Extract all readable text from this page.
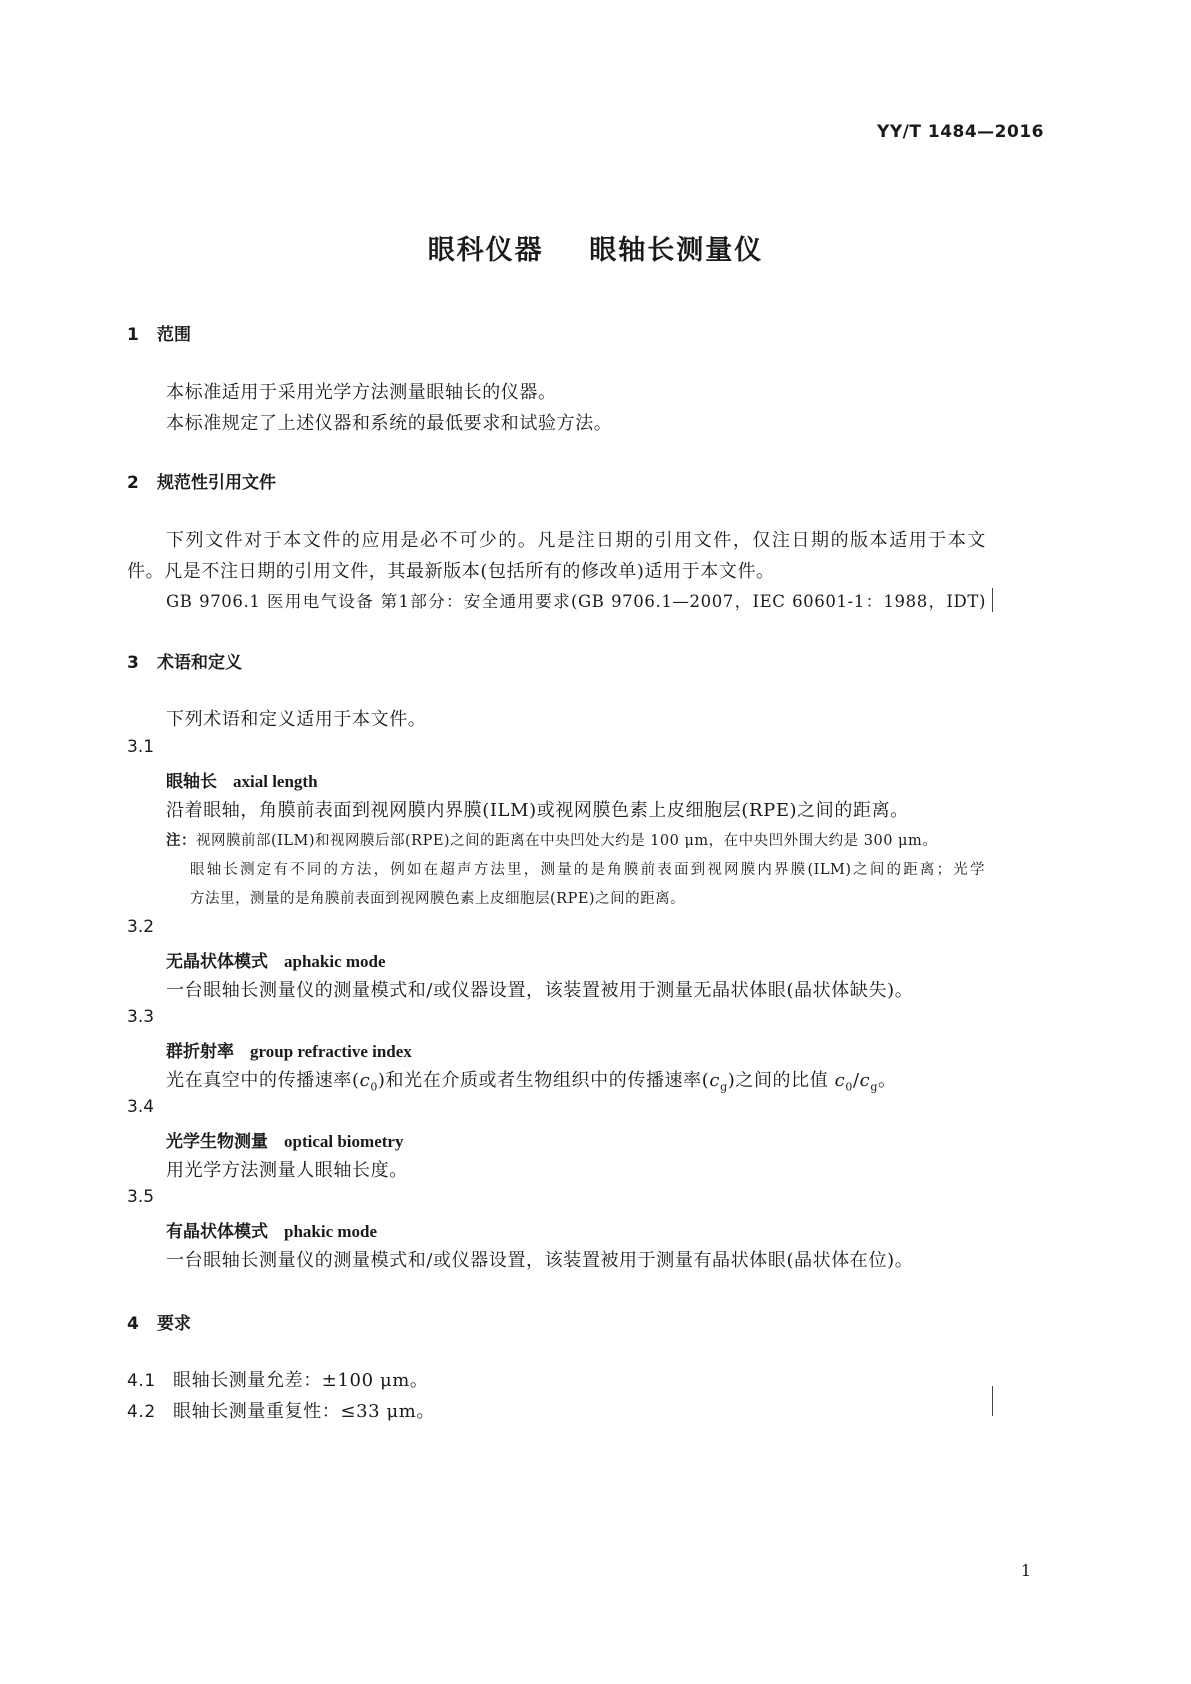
YY/T 1484—2016
眼科仪器    眼轴长测量仪
1 范围
本标准适用于采用光学方法测量眼轴长的仪器。
本标准规定了上述仪器和系统的最低要求和试验方法。
2 规范性引用文件
下列文件对于本文件的应用是必不可少的。凡是注日期的引用文件，仅注日期的版本适用于本文
件。凡是不注日期的引用文件，其最新版本(包括所有的修改单)适用于本文件。
GB 9706.1 医用电气设备 第1部分：安全通用要求(GB 9706.1—2007，IEC 60601-1：1988，IDT)
3 术语和定义
下列术语和定义适用于本文件。
3.1
眼轴长 axial length
沿着眼轴，角膜前表面到视网膜内界膜(ILM)或视网膜色素上皮细胞层(RPE)之间的距离。
注：视网膜前部(ILM)和视网膜后部(RPE)之间的距离在中央凹处大约是 100 μm，在中央凹外围大约是 300 μm。
眼轴长测定有不同的方法，例如在超声方法里，测量的是角膜前表面到视网膜内界膜(ILM)之间的距离；光学
方法里，测量的是角膜前表面到视网膜色素上皮细胞层(RPE)之间的距离。
3.2
无晶状体模式 aphakic mode
一台眼轴长测量仪的测量模式和/或仪器设置，该装置被用于测量无晶状体眼(晶状体缺失)。
3.3
群折射率 group refractive index
光在真空中的传播速率$(c_0)$和光在介质或者生物组织中的传播速率$(c_g)$之间的比值 $c_0/c_g$。
3.4
光学生物测量 optical biometry
用光学方法测量人眼轴长度。
3.5
有晶状体模式 phakic mode
一台眼轴长测量仪的测量模式和/或仪器设置，该装置被用于测量有晶状体眼(晶状体在位)。
4 要求
4.1 眼轴长测量允差：±100 μm。
4.2 眼轴长测量重复性：≤33 μm。
1
